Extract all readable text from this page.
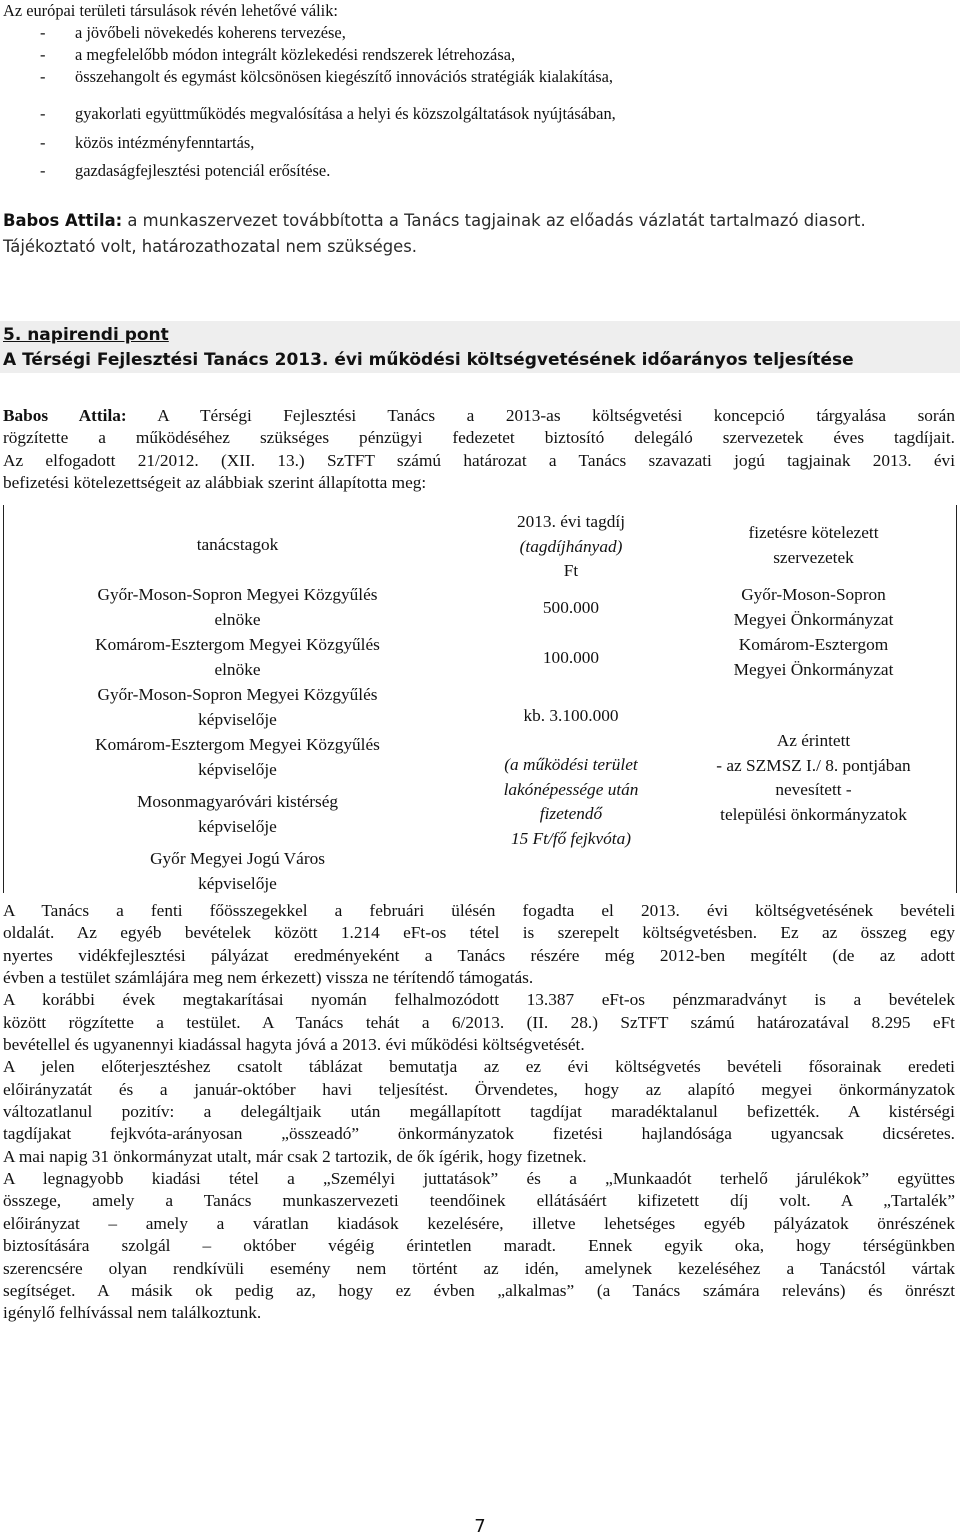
Az európai területi társulások révén lehetővé válik:
- a jövőbeli növekedés koherens tervezése,
- a megfelelőbb módon integrált közlekedési rendszerek létrehozása,
- összehangolt és egymást kölcsönösen kiegészítő innovációs stratégiák kialakítása,
- gyakorlati együttműködés megvalósítása a helyi és közszolgáltatások nyújtásában,
- közös intézményfenntartás,
- gazdaságfejlesztési potenciál erősítése.
Babos Attila: a munkaszervezet továbbította a Tanács tagjainak az előadás vázlatát tartalmazó diasort.
Tájékoztató volt, határozathozatal nem szükséges.
5. napirendi pont
A Térségi Fejlesztési Tanács 2013. évi működési költségvetésének időarányos teljesítése
Babos Attila: A Térségi Fejlesztési Tanács a 2013-as költségvetési koncepció tárgyalása során
rögzítette a működéséhez szükséges pénzügyi fedezetet biztosító delegáló szervezetek éves tagdíjait.
Az elfogadott 21/2012. (XII. 13.) SzTFT számú határozat a Tanács szavazati jogú tagjainak 2013. évi
befizetési kötelezettségeit az alábbiak szerint állapította meg:
tanácstagok
2013. évi tagdíj
(tagdíjhányad)
Ft
fizetésre kötelezett
szervezetek
Győr-Moson-Sopron Megyei Közgyűlés
elnöke
Komárom-Esztergom Megyei Közgyűlés
elnöke
Győr-Moson-Sopron Megyei Közgyűlés
képviselője
Komárom-Esztergom Megyei Közgyűlés
képviselője
Mosonmagyaróvári kistérség
képviselője
Győr Megyei Jogú Város
képviselője
500.000
100.000
kb. 3.100.000
(a működési terület
lakónépessége után
fizetendő
15 Ft/fő fejkvóta)
Győr-Moson-Sopron
Megyei Önkormányzat
Komárom-Esztergom
Megyei Önkormányzat
Az érintett
- az SZMSZ I./ 8. pontjában
nevesített -
települési önkormányzatok
A Tanács a fenti főösszegekkel a februári ülésén fogadta el 2013. évi költségvetésének bevételi
oldalát. Az egyéb bevételek között 1.214 eFt-os tétel is szerepelt költségvetésben. Ez az összeg egy
nyertes vidékfejlesztési pályázat eredményeként a Tanács részére még 2012-ben megítélt (de az adott
évben a testület számlájára meg nem érkezett) vissza ne térítendő támogatás.
A korábbi évek megtakarításai nyomán felhalmozódott 13.387 eFt-os pénzmaradványt is a bevételek
között rögzítette a testület. A Tanács tehát a 6/2013. (II. 28.) SzTFT számú határozatával 8.295 eFt
bevétellel és ugyanennyi kiadással hagyta jóvá a 2013. évi működési költségvetését.
A jelen előterjesztéshez csatolt táblázat bemutatja az ez évi költségvetés bevételi fősorainak eredeti
előirányzatát és a január-október havi teljesítést. Örvendetes, hogy az alapító megyei önkormányzatok
változatlanul pozitív: a delegáltjaik után megállapított tagdíjat maradéktalanul befizették. A kistérségi
tagdíjakat fejkvóta-arányosan „összeadó” önkormányzatok fizetési hajlandósága ugyancsak dicséretes.
A mai napig 31 önkormányzat utalt, már csak 2 tartozik, de ők ígérik, hogy fizetnek.
A legnagyobb kiadási tétel a „Személyi juttatások” és a „Munkaadót terhelő járulékok” együttes
összege, amely a Tanács munkaszervezeti teendőinek ellátásáért kifizetett díj volt. A „Tartalék”
előirányzat – amely a váratlan kiadások kezelésére, illetve lehetséges egyéb pályázatok önrészének
biztosítására szolgál – október végéig érintetlen maradt. Ennek egyik oka, hogy térségünkben
szerencsére olyan rendkívüli esemény nem történt az idén, amelynek kezeléséhez a Tanácstól vártak
segítséget. A másik ok pedig az, hogy ez évben „alkalmas” (a Tanács számára releváns) és önrészt
igénylő felhívással nem találkoztunk.
7
